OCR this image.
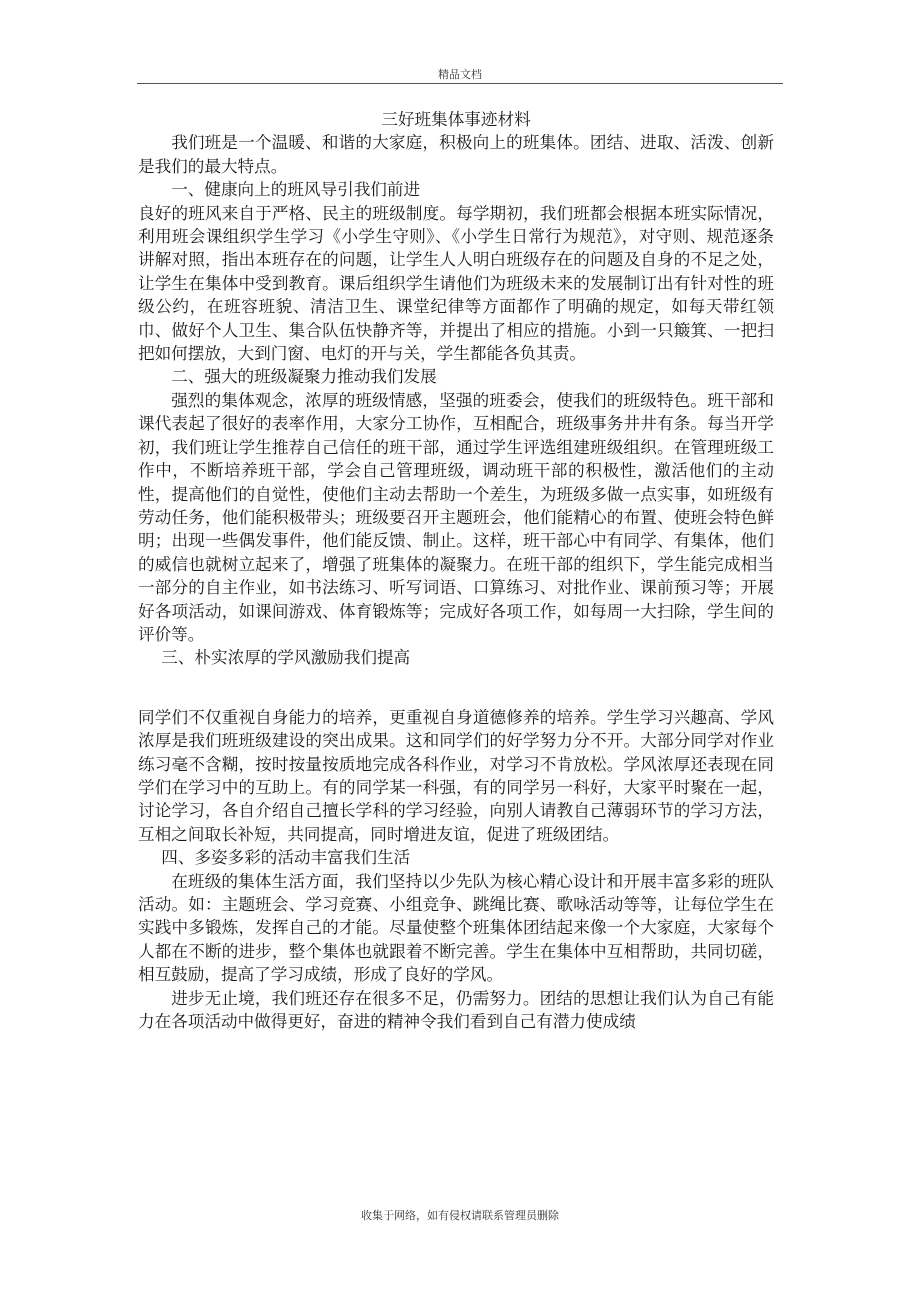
精品文档

三好班集体事迹材料

我们班是一个温暖、和谐的大家庭，积极向上的班集体。团结、进取、活泼、创新是我们的最大特点。

一、健康向上的班风导引我们前进

良好的班风来自于严格、民主的班级制度。每学期初，我们班都会根据本班实际情况，利用班会课组织学生学习《小学生守则》、《小学生日常行为规范》，对守则、规范逐条讲解对照，指出本班存在的问题，让学生人人明白班级存在的问题及自身的不足之处，让学生在集体中受到教育。课后组织学生请他们为班级未来的发展制订出有针对性的班级公约，在班容班貌、清洁卫生、课堂纪律等方面都作了明确的规定，如每天带红领巾、做好个人卫生、集合队伍快静齐等，并提出了相应的措施。小到一只簸箕、一把扫把如何摆放，大到门窗、电灯的开与关，学生都能各负其责。

二、强大的班级凝聚力推动我们发展

强烈的集体观念，浓厚的班级情感，坚强的班委会，使我们的班级特色。班干部和课代表起了很好的表率作用，大家分工协作，互相配合，班级事务井井有条。每当开学初，我们班让学生推荐自己信任的班干部，通过学生评选组建班级组织。在管理班级工作中，不断培养班干部，学会自己管理班级，调动班干部的积极性，激活他们的主动性，提高他们的自觉性，使他们主动去帮助一个差生，为班级多做一点实事，如班级有劳动任务，他们能积极带头；班级要召开主题班会，他们能精心的布置、使班会特色鲜明；出现一些偶发事件，他们能反馈、制止。这样，班干部心中有同学、有集体，他们的威信也就树立起来了，增强了班集体的凝聚力。在班干部的组织下，学生能完成相当一部分的自主作业，如书法练习、听写词语、口算练习、对批作业、课前预习等；开展好各项活动，如课间游戏、体育锻炼等；完成好各项工作，如每周一大扫除，学生间的评价等。

三、朴实浓厚的学风激励我们提高

同学们不仅重视自身能力的培养，更重视自身道德修养的培养。学生学习兴趣高、学风浓厚是我们班班级建设的突出成果。这和同学们的好学努力分不开。大部分同学对作业练习毫不含糊，按时按量按质地完成各科作业，对学习不肯放松。学风浓厚还表现在同学们在学习中的互助上。有的同学某一科强，有的同学另一科好，大家平时聚在一起，讨论学习，各自介绍自己擅长学科的学习经验，向别人请教自己薄弱环节的学习方法，互相之间取长补短，共同提高，同时增进友谊，促进了班级团结。

四、多姿多彩的活动丰富我们生活

在班级的集体生活方面，我们坚持以少先队为核心精心设计和开展丰富多彩的班队活动。如：主题班会、学习竞赛、小组竞争、跳绳比赛、歌咏活动等等，让每位学生在实践中多锻炼，发挥自己的才能。尽量使整个班集体团结起来像一个大家庭，大家每个人都在不断的进步，整个集体也就跟着不断完善。学生在集体中互相帮助，共同切磋，相互鼓励，提高了学习成绩，形成了良好的学风。

进步无止境，我们班还存在很多不足，仍需努力。团结的思想让我们认为自己有能力在各项活动中做得更好，奋进的精神令我们看到自己有潜力使成绩

收集于网络，如有侵权请联系管理员删除
